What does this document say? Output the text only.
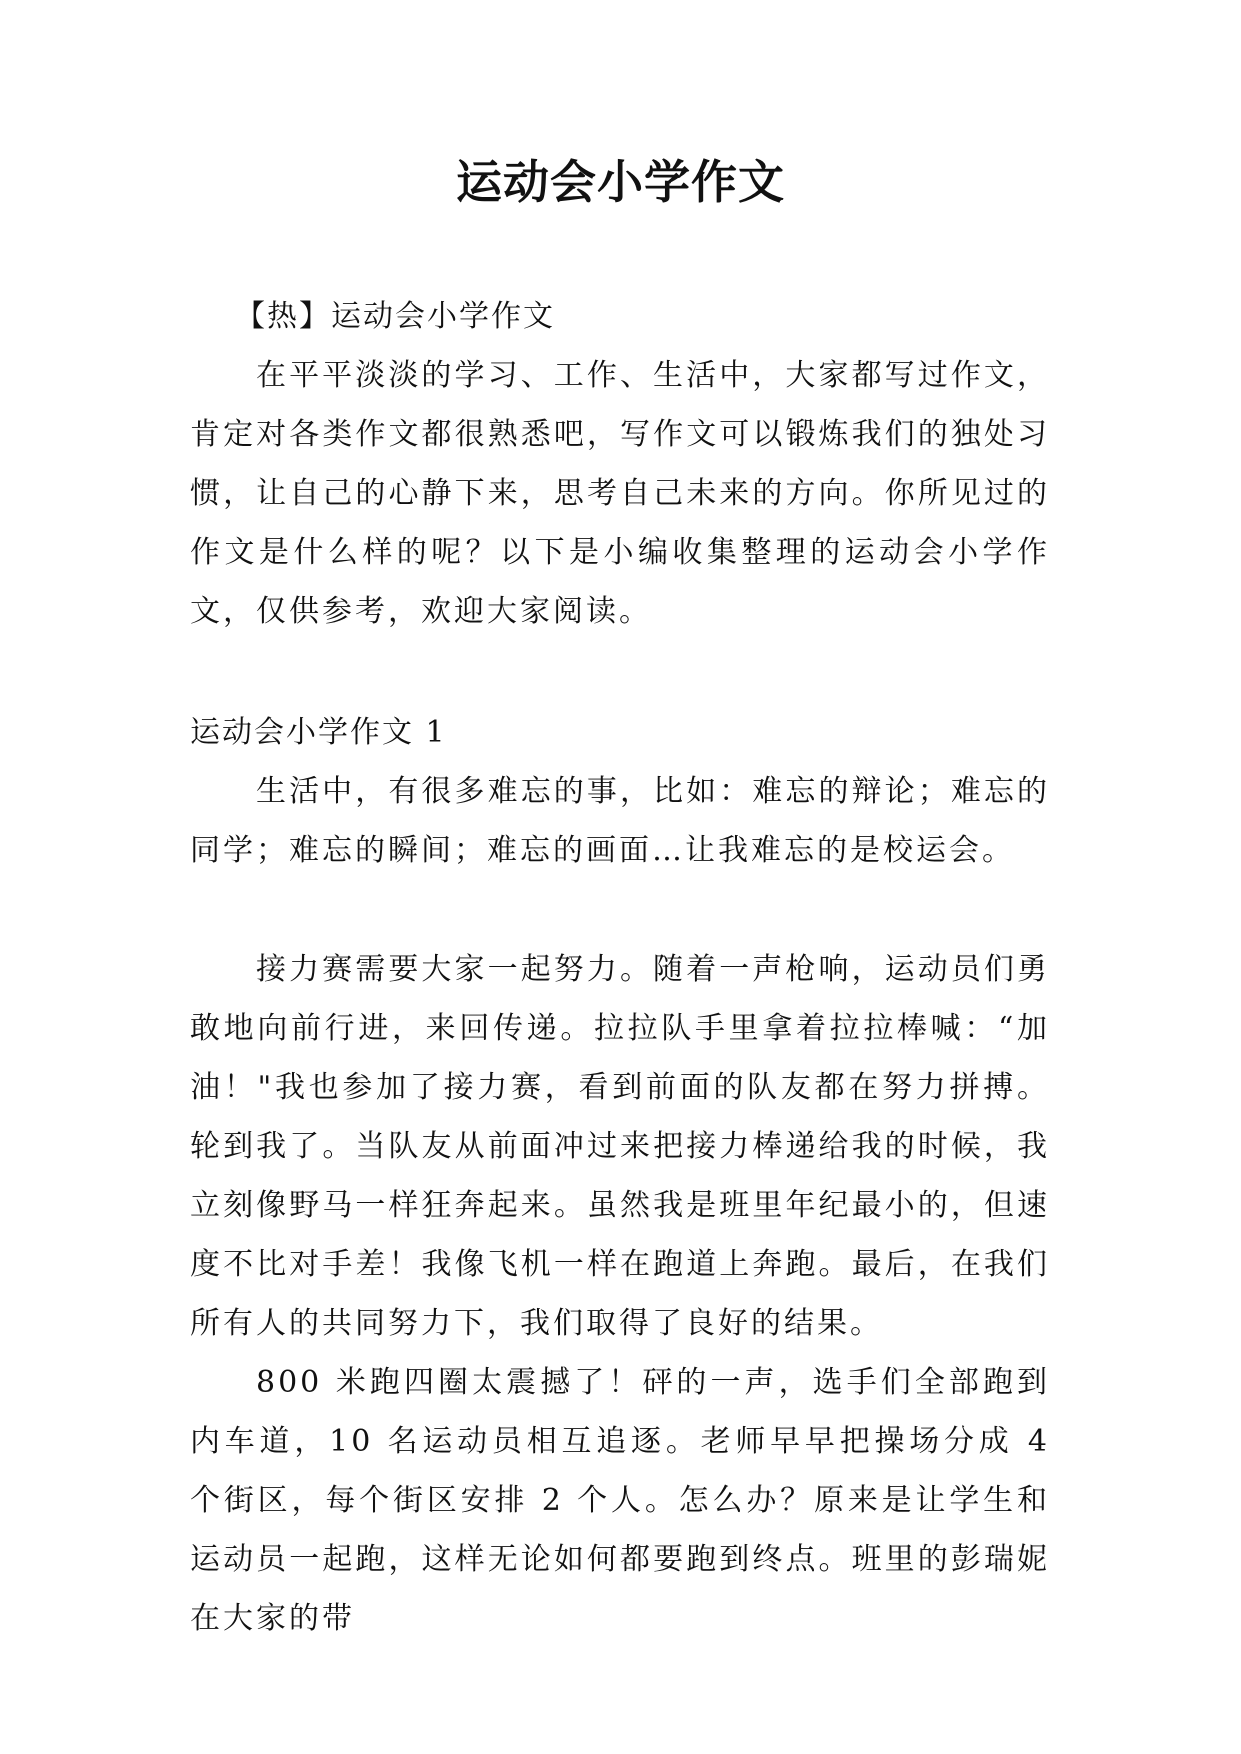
运动会小学作文

【热】运动会小学作文

在平平淡淡的学习、工作、生活中，大家都写过作文，肯定对各类作文都很熟悉吧，写作文可以锻炼我们的独处习惯，让自己的心静下来，思考自己未来的方向。你所见过的作文是什么样的呢？以下是小编收集整理的运动会小学作文，仅供参考，欢迎大家阅读。

运动会小学作文 1

生活中，有很多难忘的事，比如：难忘的辩论；难忘的同学；难忘的瞬间；难忘的画面…让我难忘的是校运会。

接力赛需要大家一起努力。随着一声枪响，运动员们勇敢地向前行进，来回传递。拉拉队手里拿着拉拉棒喊：“加油！"我也参加了接力赛，看到前面的队友都在努力拼搏。轮到我了。当队友从前面冲过来把接力棒递给我的时候，我立刻像野马一样狂奔起来。虽然我是班里年纪最小的，但速度不比对手差！我像飞机一样在跑道上奔跑。最后，在我们所有人的共同努力下，我们取得了良好的结果。

800 米跑四圈太震撼了！砰的一声，选手们全部跑到内车道，10 名运动员相互追逐。老师早早把操场分成 4 个街区，每个街区安排 2 个人。怎么办？原来是让学生和运动员一起跑，这样无论如何都要跑到终点。班里的彭瑞妮在大家的带
